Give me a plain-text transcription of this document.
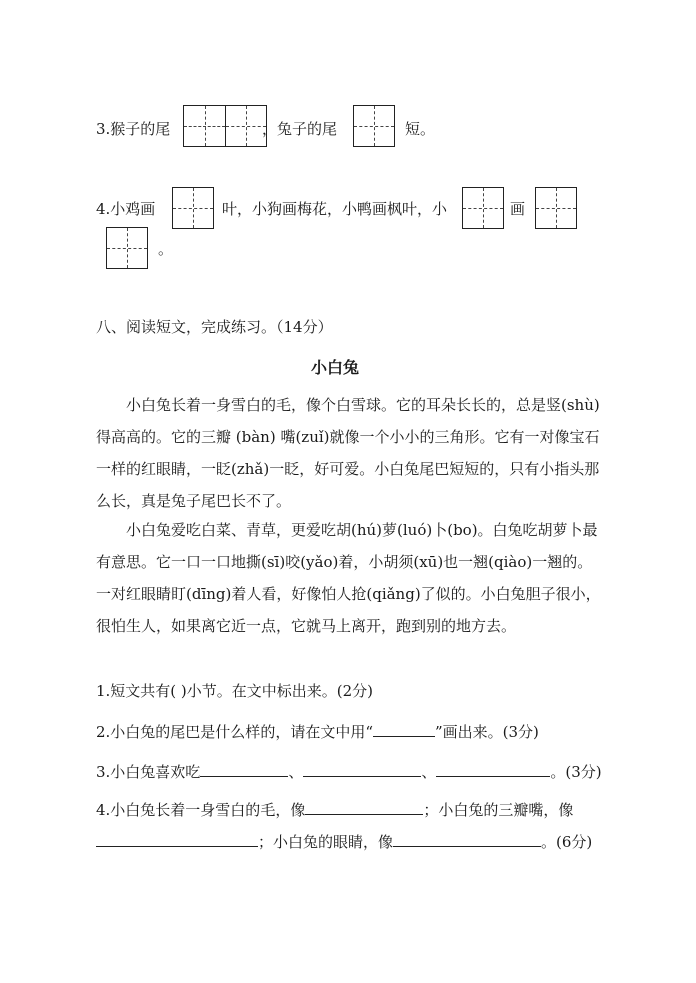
3.猴子的尾	，兔子的尾	短。
4.小鸡画	叶，小狗画梅花，小鸭画枫叶，小	画
。
八、阅读短文，完成练习。（14分）
小白兔
小白兔长着一身雪白的毛，像个白雪球。它的耳朵长长的，总是竖(shù)得高高的。它的三瓣 (bàn) 嘴(zuǐ)就像一个小小的三角形。它有一对像宝石一样的红眼睛，一眨(zhǎ)一眨，好可爱。小白兔尾巴短短的，只有小指头那么长，真是兔子尾巴长不了。
小白兔爱吃白菜、青草，更爱吃胡(hú)萝(luó)卜(bo)。白兔吃胡萝卜最有意思。它一口一口地撕(sī)咬(yǎo)着，小胡须(xū)也一翘(qiào)一翘的。一对红眼睛盯(dīng)着人看，好像怕人抢(qiǎng)了似的。小白兔胆子很小，很怕生人，如果离它近一点，它就马上离开，跑到别的地方去。
1.短文共有( )小节。在文中标出来。(2分)
2.小白兔的尾巴是什么样的，请在文中用“	”画出来。(3分)
3.小白兔喜欢吃	、	、	。(3分)
4.小白兔长着一身雪白的毛，像	；小白兔的三瓣嘴，像
；小白兔的眼睛，像	。(6分)
